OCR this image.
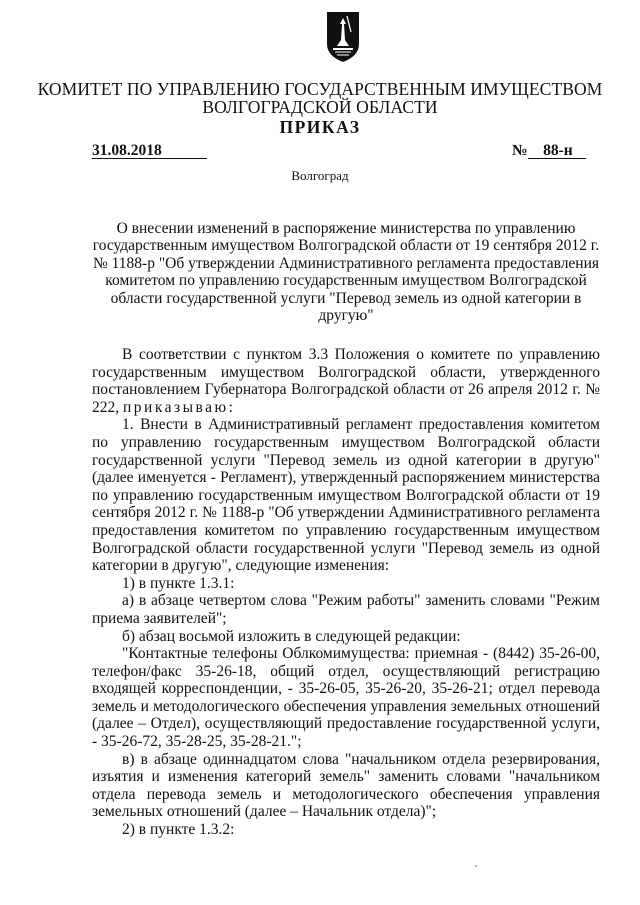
КОМИТЕТ ПО УПРАВЛЕНИЮ ГОСУДАРСТВЕННЫМ ИМУЩЕСТВОМ
ВОЛГОГРАДСКОЙ ОБЛАСТИ
ПРИКАЗ
31.08.2018	№ 88-н
Волгоград
О внесении изменений в распоряжение министерства по управлению государственным имуществом Волгоградской области от 19 сентября 2012 г. № 1188-р "Об утверждении Административного регламента предоставления комитетом по управлению государственным имуществом Волгоградской области государственной услуги "Перевод земель из одной категории в другую"

В соответствии с пунктом 3.3 Положения о комитете по управлению государственным имуществом Волгоградской области, утвержденного постановлением Губернатора Волгоградской области от 26 апреля 2012 г. № 222, приказываю:

1. Внести в Административный регламент предоставления комитетом по управлению государственным имуществом Волгоградской области государственной услуги "Перевод земель из одной категории в другую" (далее именуется - Регламент), утвержденный распоряжением министерства по управлению государственным имуществом Волгоградской области от 19 сентября 2012 г. № 1188-р "Об утверждении Административного регламента предоставления комитетом по управлению государственным имуществом Волгоградской области государственной услуги "Перевод земель из одной категории в другую", следующие изменения:

1) в пункте 1.3.1:

а) в абзаце четвертом слова "Режим работы" заменить словами "Режим приема заявителей";

б) абзац восьмой изложить в следующей редакции:

"Контактные телефоны Облкомимущества: приемная - (8442) 35-26-00, телефон/факс 35-26-18, общий отдел, осуществляющий регистрацию входящей корреспонденции, - 35-26-05, 35-26-20, 35-26-21; отдел перевода земель и методологического обеспечения управления земельных отношений (далее – Отдел), осуществляющий предоставление государственной услуги, - 35-26-72, 35-28-25, 35-28-21.";

в) в абзаце одиннадцатом слова "начальником отдела резервирования, изъятия и изменения категорий земель" заменить словами "начальником отдела перевода земель и методологического обеспечения управления земельных отношений (далее – Начальник отдела)";

2) в пункте 1.3.2:
